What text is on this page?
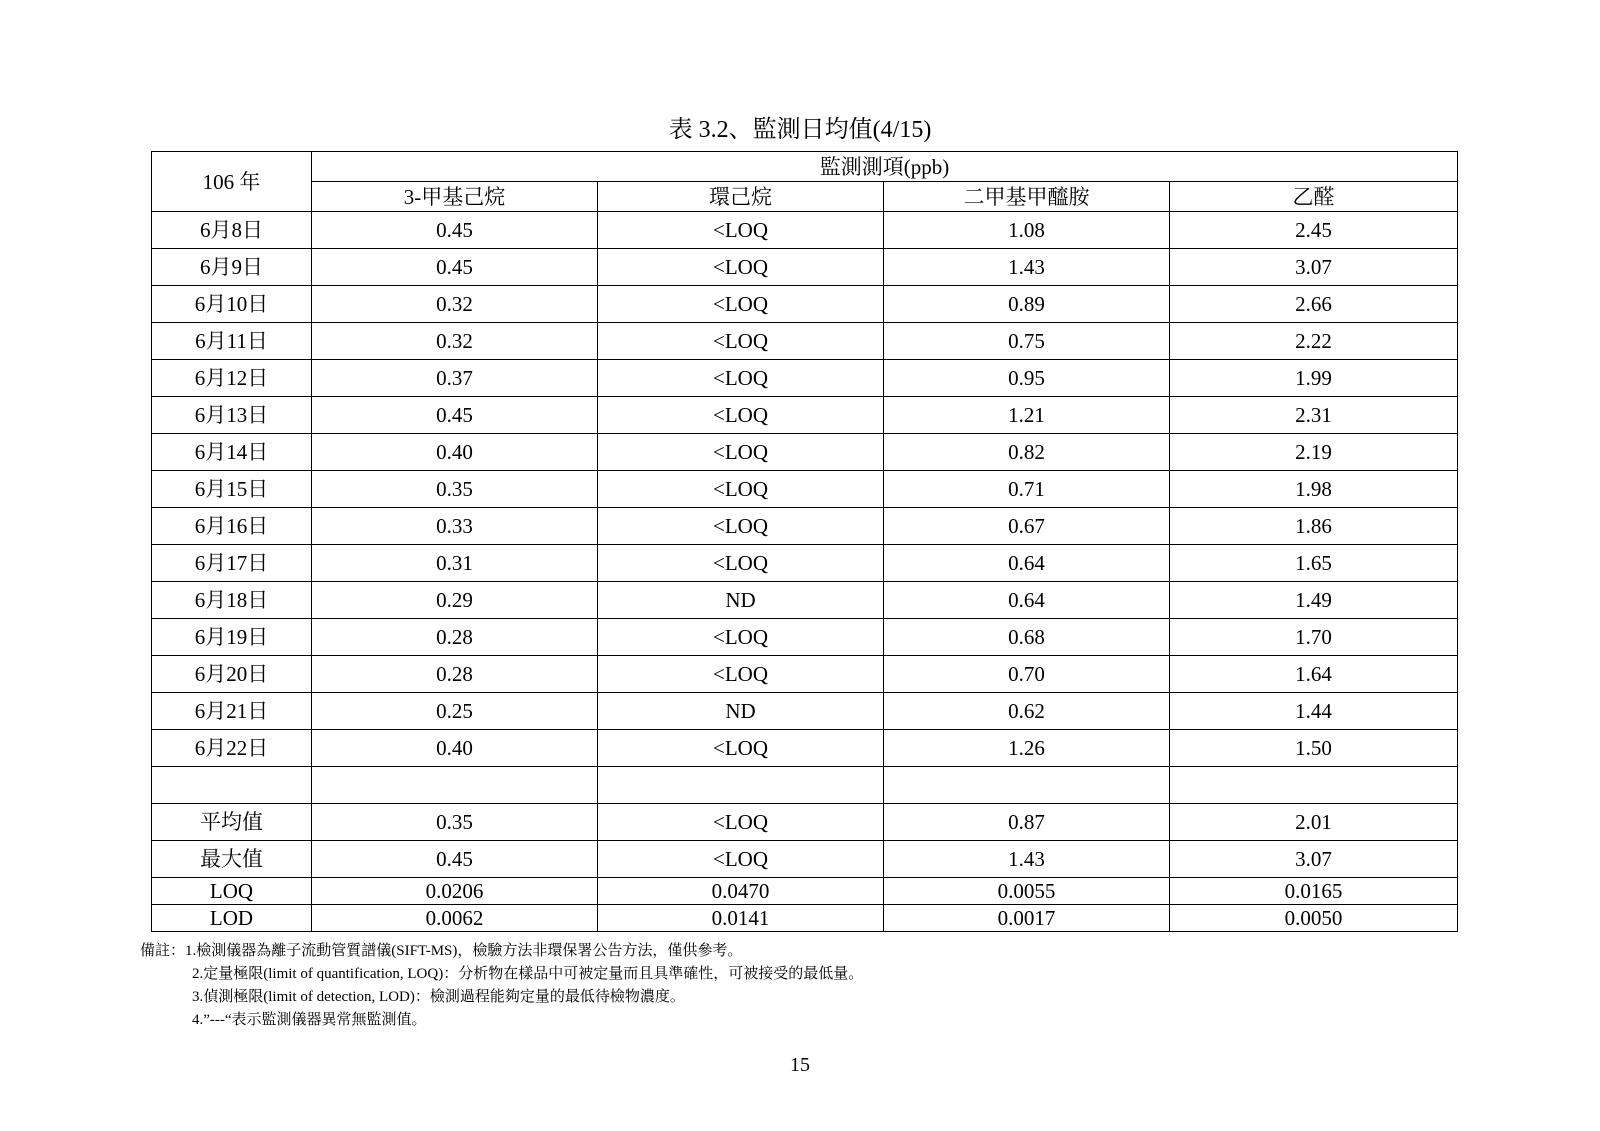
表 3.2、監測日均值(4/15)
106 年	監測測項(ppb)			
	3-甲基己烷	環己烷	二甲基甲醯胺	乙醛
6月8日	0.45	<LOQ	1.08	2.45
6月9日	0.45	<LOQ	1.43	3.07
6月10日	0.32	<LOQ	0.89	2.66
6月11日	0.32	<LOQ	0.75	2.22
6月12日	0.37	<LOQ	0.95	1.99
6月13日	0.45	<LOQ	1.21	2.31
6月14日	0.40	<LOQ	0.82	2.19
6月15日	0.35	<LOQ	0.71	1.98
6月16日	0.33	<LOQ	0.67	1.86
6月17日	0.31	<LOQ	0.64	1.65
6月18日	0.29	ND	0.64	1.49
6月19日	0.28	<LOQ	0.68	1.70
6月20日	0.28	<LOQ	0.70	1.64
6月21日	0.25	ND	0.62	1.44
6月22日	0.40	<LOQ	1.26	1.50

平均值	0.35	<LOQ	0.87	2.01
最大值	0.45	<LOQ	1.43	3.07
LOQ	0.0206	0.0470	0.0055	0.0165
LOD	0.0062	0.0141	0.0017	0.0050
備註：1.檢測儀器為離子流動管質譜儀(SIFT-MS)，檢驗方法非環保署公告方法，僅供參考。
2.定量極限(limit of quantification, LOQ)：分析物在樣品中可被定量而且具準確性，可被接受的最低量。
3.偵測極限(limit of detection, LOD)：檢測過程能夠定量的最低待檢物濃度。
4.”---“表示監測儀器異常無監測值。
15
